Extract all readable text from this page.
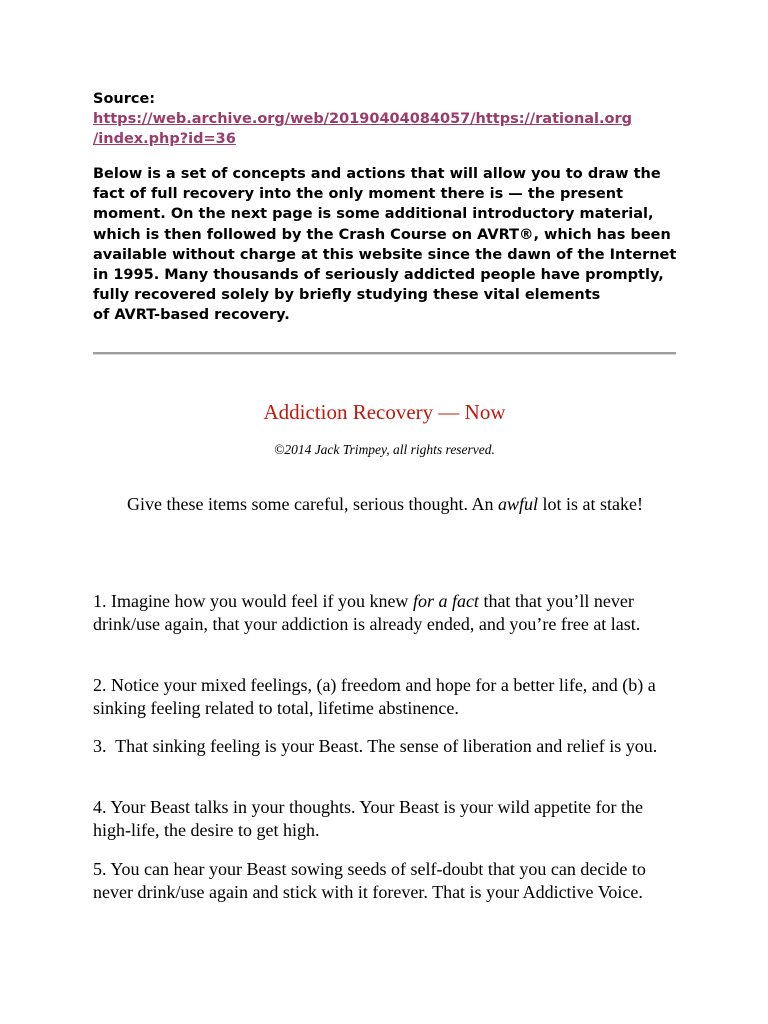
Source:
https://web.archive.org/web/20190404084057/https://rational.org
/index.php?id=36
Below is a set of concepts and actions that will allow you to draw the
fact of full recovery into the only moment there is — the present
moment. On the next page is some additional introductory material,
which is then followed by the Crash Course on AVRT®, which has been
available without charge at this website since the dawn of the Internet
in 1995. Many thousands of seriously addicted people have promptly,
fully recovered solely by briefly studying these vital elements
of AVRT-based recovery.
Addiction Recovery — Now
©2014 Jack Trimpey, all rights reserved.
Give these items some careful, serious thought. An awful lot is at stake!
1. Imagine how you would feel if you knew for a fact that that you’ll never drink/use again, that your addiction is already ended, and you’re free at last.
2. Notice your mixed feelings, (a) freedom and hope for a better life, and (b) a sinking feeling related to total, lifetime abstinence.
3.  That sinking feeling is your Beast. The sense of liberation and relief is you.
4. Your Beast talks in your thoughts. Your Beast is your wild appetite for the high-life, the desire to get high.
5. You can hear your Beast sowing seeds of self-doubt that you can decide to never drink/use again and stick with it forever. That is your Addictive Voice.
